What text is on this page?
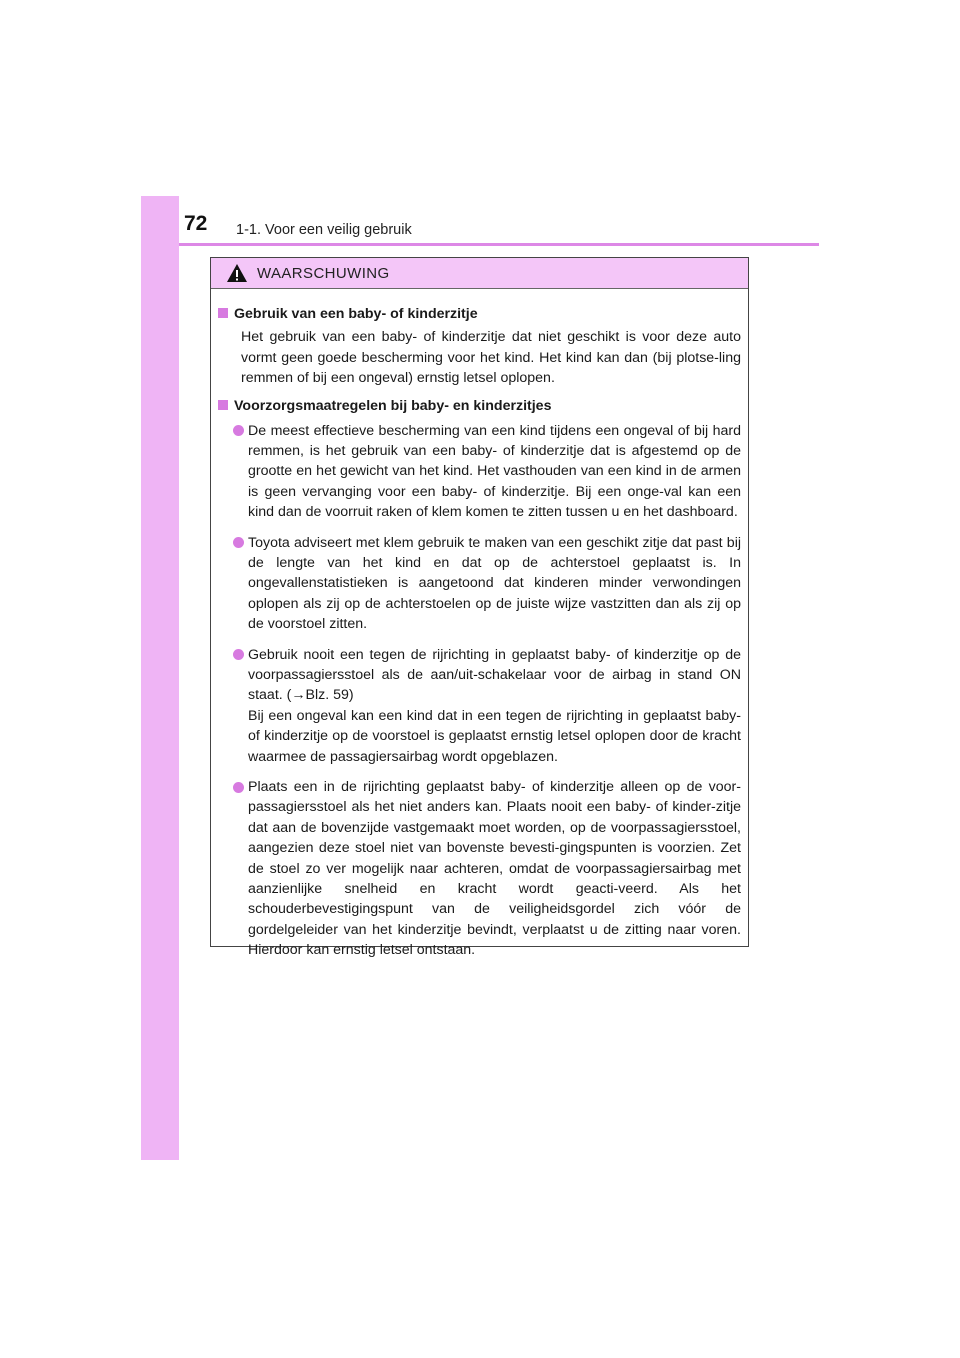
72 1-1. Voor een veilig gebruik
WAARSCHUWING
Gebruik van een baby- of kinderzitje
Het gebruik van een baby- of kinderzitje dat niet geschikt is voor deze auto vormt geen goede bescherming voor het kind. Het kind kan dan (bij plotse-ling remmen of bij een ongeval) ernstig letsel oplopen.
Voorzorgsmaatregelen bij baby- en kinderzitjes
De meest effectieve bescherming van een kind tijdens een ongeval of bij hard remmen, is het gebruik van een baby- of kinderzitje dat is afgestemd op de grootte en het gewicht van het kind. Het vasthouden van een kind in de armen is geen vervanging voor een baby- of kinderzitje. Bij een onge-val kan een kind dan de voorruit raken of klem komen te zitten tussen u en het dashboard.
Toyota adviseert met klem gebruik te maken van een geschikt zitje dat past bij de lengte van het kind en dat op de achterstoel geplaatst is. In ongevallenstatistieken is aangetoond dat kinderen minder verwondingen oplopen als zij op de achterstoelen op de juiste wijze vastzitten dan als zij op de voorstoel zitten.
Gebruik nooit een tegen de rijrichting in geplaatst baby- of kinderzitje op de voorpassagiersstoel als de aan/uit-schakelaar voor de airbag in stand ON staat. (→Blz. 59)
Bij een ongeval kan een kind dat in een tegen de rijrichting in geplaatst baby- of kinderzitje op de voorstoel is geplaatst ernstig letsel oplopen door de kracht waarmee de passagiersairbag wordt opgeblazen.
Plaats een in de rijrichting geplaatst baby- of kinderzitje alleen op de voor-passagiersstoel als het niet anders kan. Plaats nooit een baby- of kinder-zitje dat aan de bovenzijde vastgemaakt moet worden, op de voorpassagiersstoel, aangezien deze stoel niet van bovenste bevesti-gingspunten is voorzien. Zet de stoel zo ver mogelijk naar achteren, omdat de voorpassagiersairbag met aanzienlijke snelheid en kracht wordt geacti-veerd. Als het schouderbevestigingspunt van de veiligheidsgordel zich vóór de gordelgeleider van het kinderzitje bevindt, verplaatst u de zitting naar voren. Hierdoor kan ernstig letsel ontstaan.
